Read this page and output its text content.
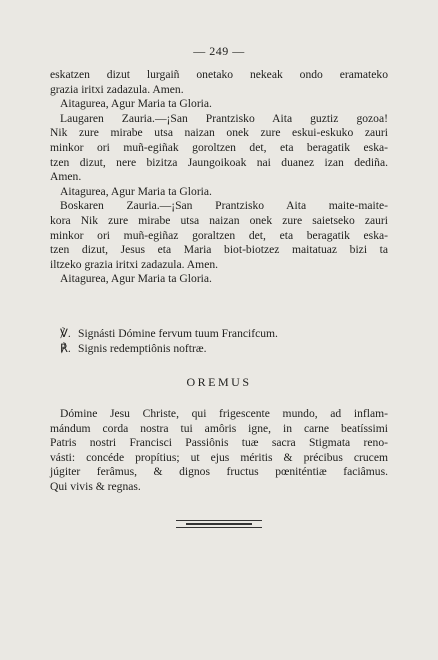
— 249 —
eskatzen dizut lurgaiñ onetako nekeak ondo eramateko
grazia iritxi zadazula. Amen.
Aitagurea, Agur Maria ta Gloria.
Laugaren Zauria.—¡San Prantzisko Aita guztiz gozoa!
Nik zure mirabe utsa naizan onek zure eskui-eskuko zauri
minkor ori muñ-egiñak goroltzen det, eta beragatik eska-
tzen dizut, nere bizitza Jaungoikoak nai duanez izan dediña.
Amen.
Aitagurea, Agur Maria ta Gloria.
Boskaren Zauria.—¡San Prantzisko Aita maite-maite-
kora Nik zure mirabe utsa naizan onek zure saietseko zauri
minkor ori muñ-egiñaz goraltzen det, eta beragatik eska-
tzen dizut, Jesus eta Maria biot-biotzez maitatuaz bizi ta
iltzeko grazia iritxi zadazula. Amen.
Aitagurea, Agur Maria ta Gloria.
℣. Signásti Dómine fervum tuum Francifcum.
℟. Signis redemptiônis noftræ.
OREMUS
Dómine Jesu Christe, qui frigescente mundo, ad inflam-
mándum corda nostra tui amôris igne, in carne beatíssimi
Patris nostri Francisci Passiônis tuæ sacra Stigmata reno-
vásti: concéde propítius; ut ejus méritis & précibus crucem
júgiter ferâmus, & dignos fructus pœniténtiæ faciâmus.
Qui vivis & regnas.
